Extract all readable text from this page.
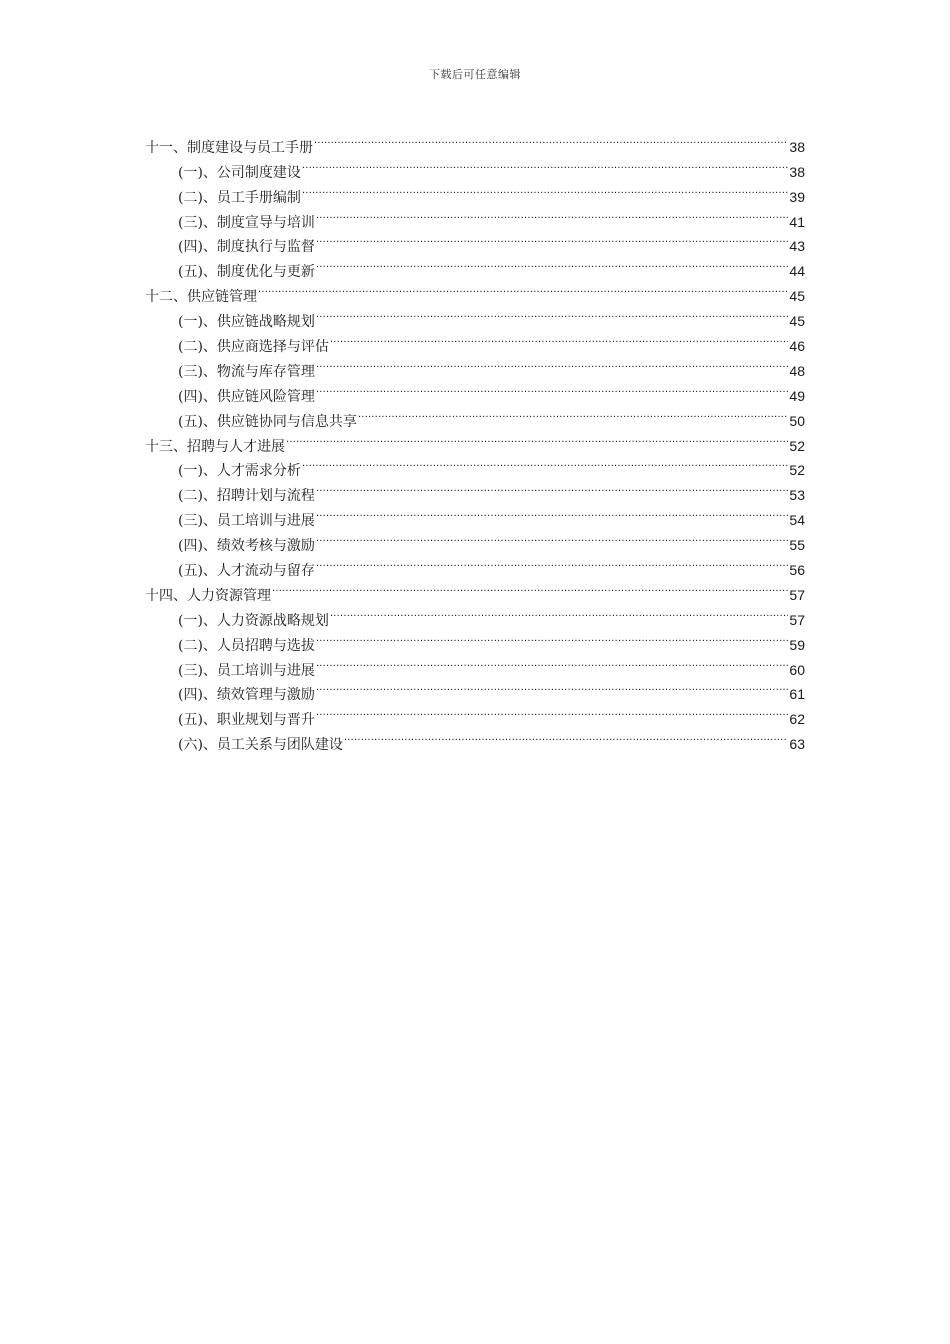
下载后可任意编辑
十一、制度建设与员工手册 .....	38
(一)、公司制度建设 .....	38
(二)、员工手册编制 .....	39
(三)、制度宣导与培训 .....	41
(四)、制度执行与监督 .....	43
(五)、制度优化与更新 .....	44
十二、供应链管理 .....	45
(一)、供应链战略规划 .....	45
(二)、供应商选择与评估 .....	46
(三)、物流与库存管理 .....	48
(四)、供应链风险管理 .....	49
(五)、供应链协同与信息共享 .....	50
十三、招聘与人才进展 .....	52
(一)、人才需求分析 .....	52
(二)、招聘计划与流程 .....	53
(三)、员工培训与进展 .....	54
(四)、绩效考核与激励 .....	55
(五)、人才流动与留存 .....	56
十四、人力资源管理 .....	57
(一)、人力资源战略规划 .....	57
(二)、人员招聘与选拔 .....	59
(三)、员工培训与进展 .....	60
(四)、绩效管理与激励 .....	61
(五)、职业规划与晋升 .....	62
(六)、员工关系与团队建设 .....	63
